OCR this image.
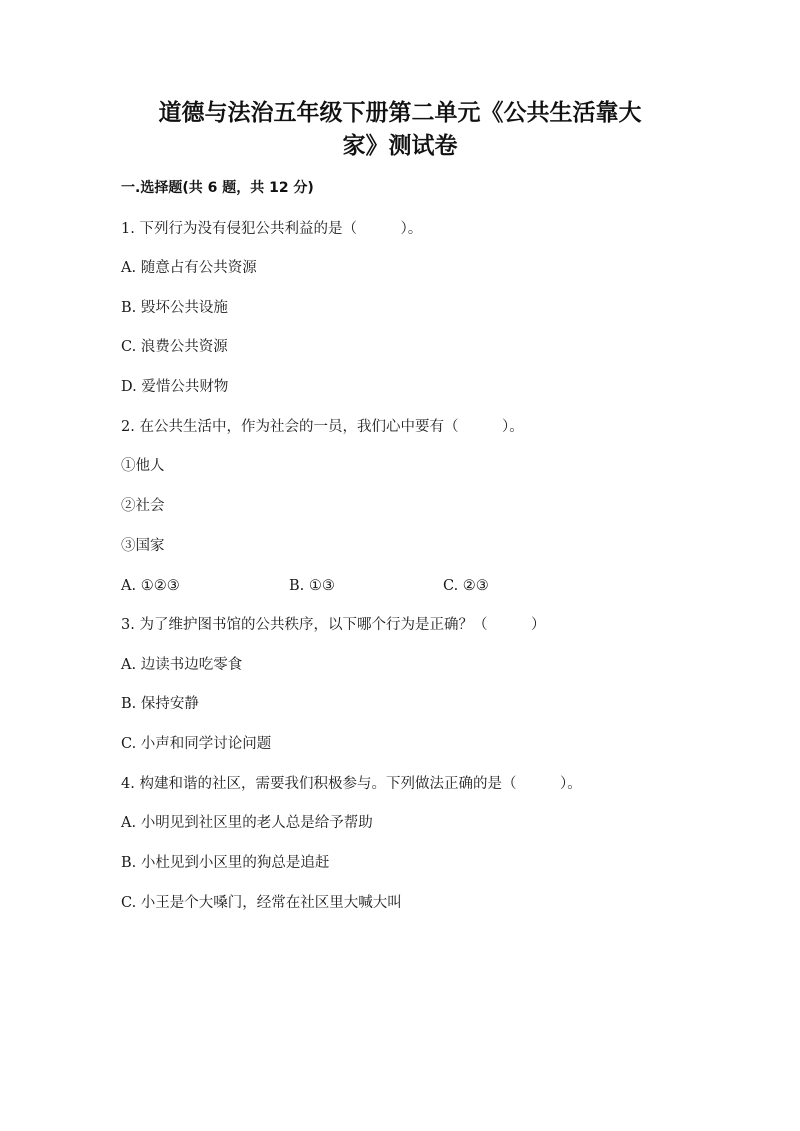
道德与法治五年级下册第二单元《公共生活靠大
家》测试卷
一.选择题(共 6 题，共 12 分)
1. 下列行为没有侵犯公共利益的是（　　　）。
A. 随意占有公共资源
B. 毁坏公共设施
C. 浪费公共资源
D. 爱惜公共财物
2. 在公共生活中，作为社会的一员，我们心中要有（　　　）。
①他人
②社会
③国家
A. ①②③	B. ①③	C. ②③
3. 为了维护图书馆的公共秩序，以下哪个行为是正确？（　　　）
A. 边读书边吃零食
B. 保持安静
C. 小声和同学讨论问题
4. 构建和谐的社区，需要我们积极参与。下列做法正确的是（　　　）。
A. 小明见到社区里的老人总是给予帮助
B. 小杜见到小区里的狗总是追赶
C. 小王是个大嗓门，经常在社区里大喊大叫
